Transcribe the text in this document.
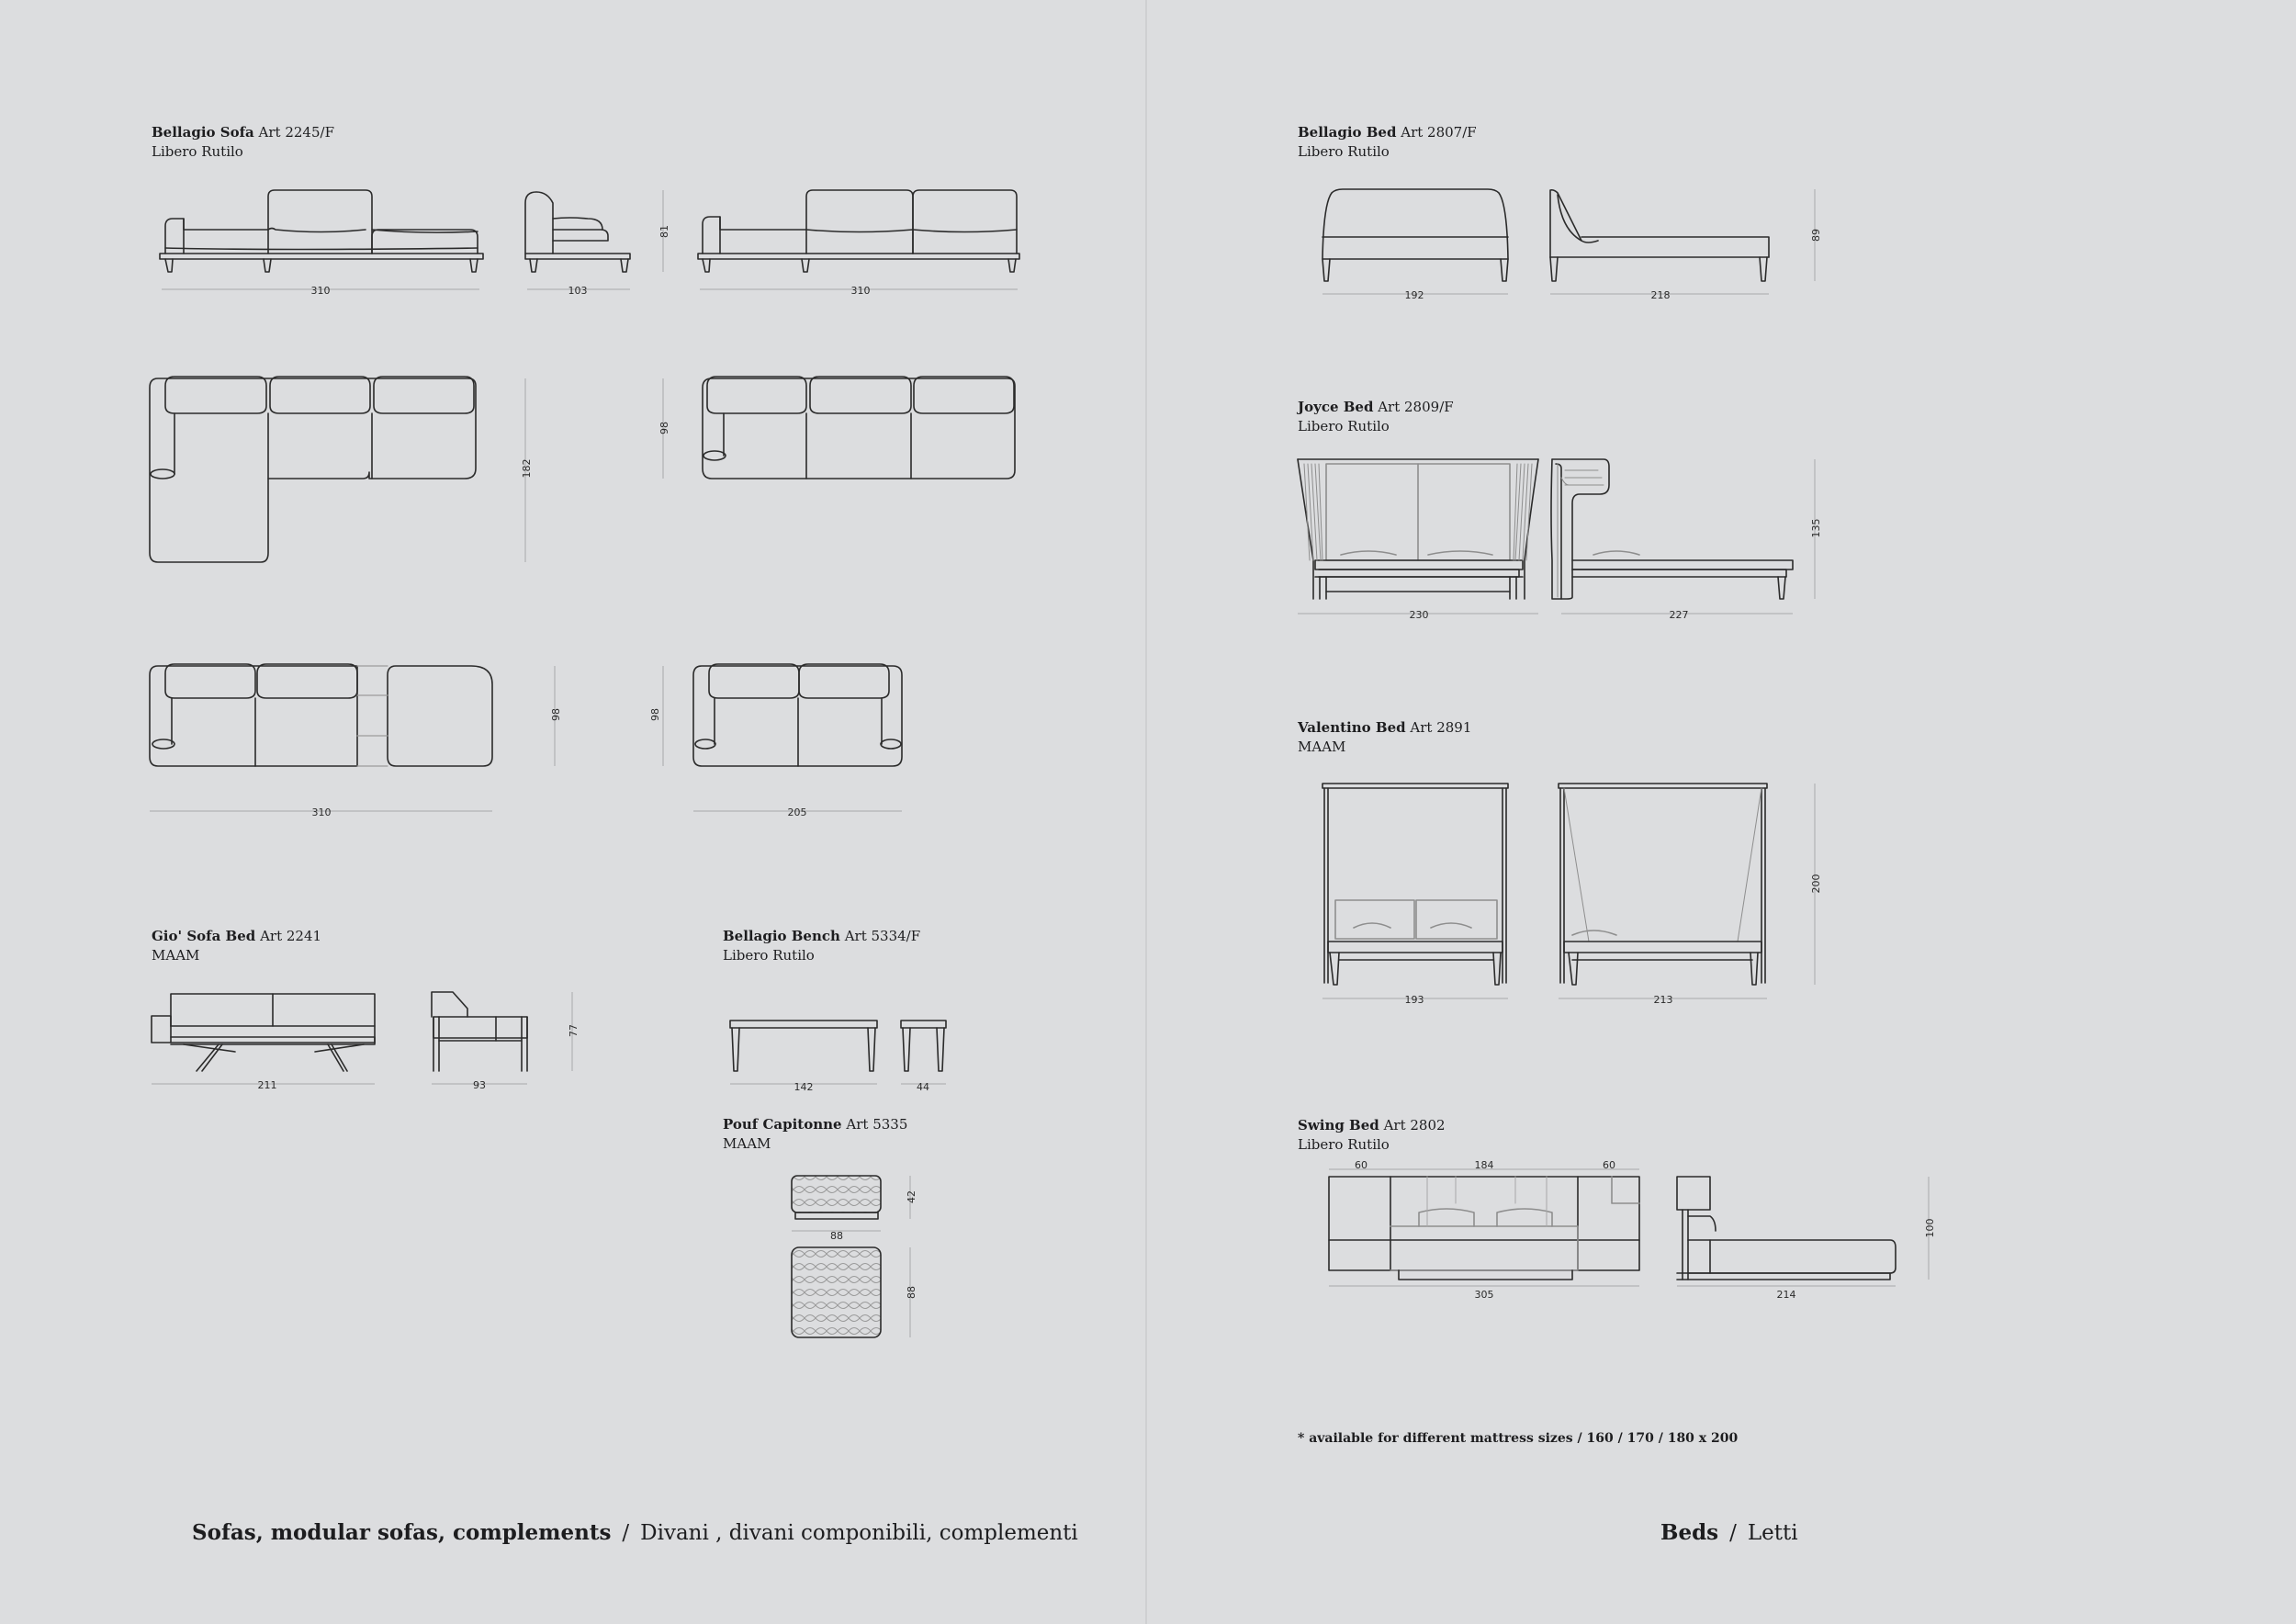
Bellagio Sofa Art 2245/F
Libero Rutilo
Gio' Sofa Bed Art 2241
MAAM
Bellagio Bench Art 5334/F
Libero Rutilo
Pouf Capitonne Art 5335
MAAM
Bellagio Bed Art 2807/F
Libero Rutilo
Joyce Bed Art 2809/F
Libero Rutilo
Valentino Bed Art 2891
MAAM
Swing Bed Art 2802
Libero Rutilo
310	103	310
81
182
98
98	98
310	205
211	93
77
142	44
88
42
88
192	218
89
230	227
135
193	213
200
60	184	60
305	214
100
* available for different mattress sizes / 160 / 170 / 180 x 200
Sofas, modular sofas, complements / Divani , divani componibili, complementi	Beds / Letti
